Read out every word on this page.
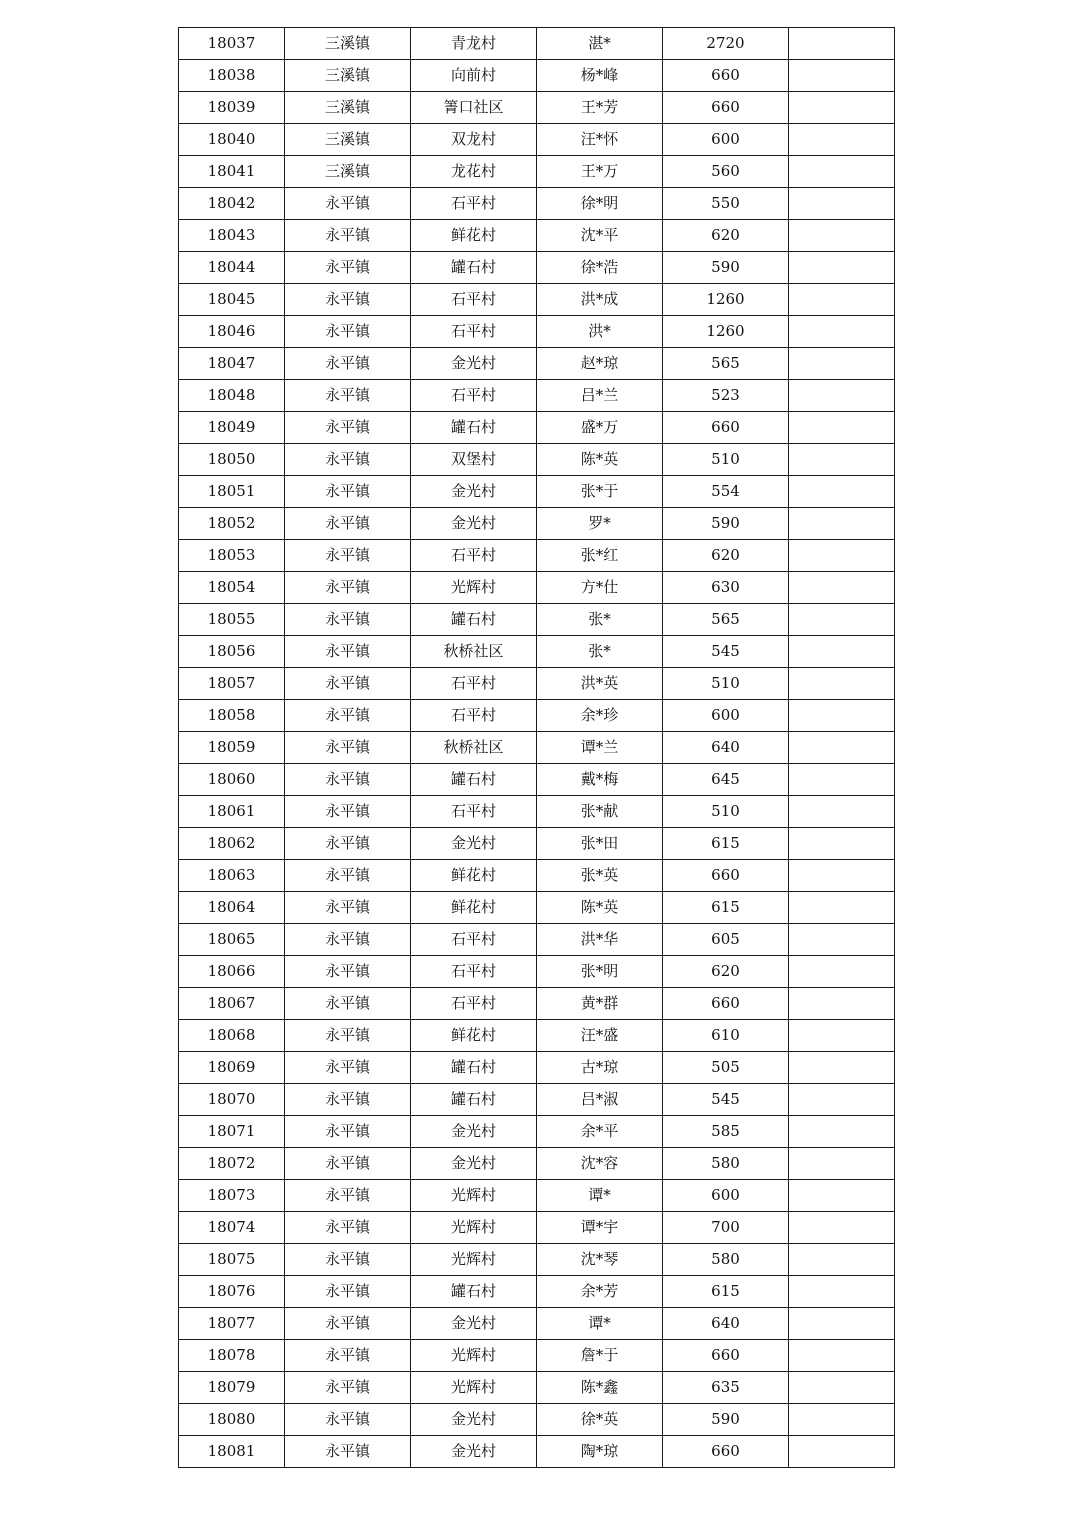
18037	三溪镇	青龙村	湛*	2720	
18038	三溪镇	向前村	杨*峰	660	
18039	三溪镇	箐口社区	王*芳	660	
18040	三溪镇	双龙村	汪*怀	600	
18041	三溪镇	龙花村	王*万	560	
18042	永平镇	石平村	徐*明	550	
18043	永平镇	鲜花村	沈*平	620	
18044	永平镇	罐石村	徐*浩	590	
18045	永平镇	石平村	洪*成	1260	
18046	永平镇	石平村	洪*	1260	
18047	永平镇	金光村	赵*琼	565	
18048	永平镇	石平村	吕*兰	523	
18049	永平镇	罐石村	盛*万	660	
18050	永平镇	双堡村	陈*英	510	
18051	永平镇	金光村	张*于	554	
18052	永平镇	金光村	罗*	590	
18053	永平镇	石平村	张*红	620	
18054	永平镇	光辉村	方*仕	630	
18055	永平镇	罐石村	张*	565	
18056	永平镇	秋桥社区	张*	545	
18057	永平镇	石平村	洪*英	510	
18058	永平镇	石平村	余*珍	600	
18059	永平镇	秋桥社区	谭*兰	640	
18060	永平镇	罐石村	戴*梅	645	
18061	永平镇	石平村	张*献	510	
18062	永平镇	金光村	张*田	615	
18063	永平镇	鲜花村	张*英	660	
18064	永平镇	鲜花村	陈*英	615	
18065	永平镇	石平村	洪*华	605	
18066	永平镇	石平村	张*明	620	
18067	永平镇	石平村	黄*群	660	
18068	永平镇	鲜花村	汪*盛	610	
18069	永平镇	罐石村	古*琼	505	
18070	永平镇	罐石村	吕*淑	545	
18071	永平镇	金光村	余*平	585	
18072	永平镇	金光村	沈*容	580	
18073	永平镇	光辉村	谭*	600	
18074	永平镇	光辉村	谭*宇	700	
18075	永平镇	光辉村	沈*琴	580	
18076	永平镇	罐石村	余*芳	615	
18077	永平镇	金光村	谭*	640	
18078	永平镇	光辉村	詹*于	660	
18079	永平镇	光辉村	陈*鑫	635	
18080	永平镇	金光村	徐*英	590	
18081	永平镇	金光村	陶*琼	660	
